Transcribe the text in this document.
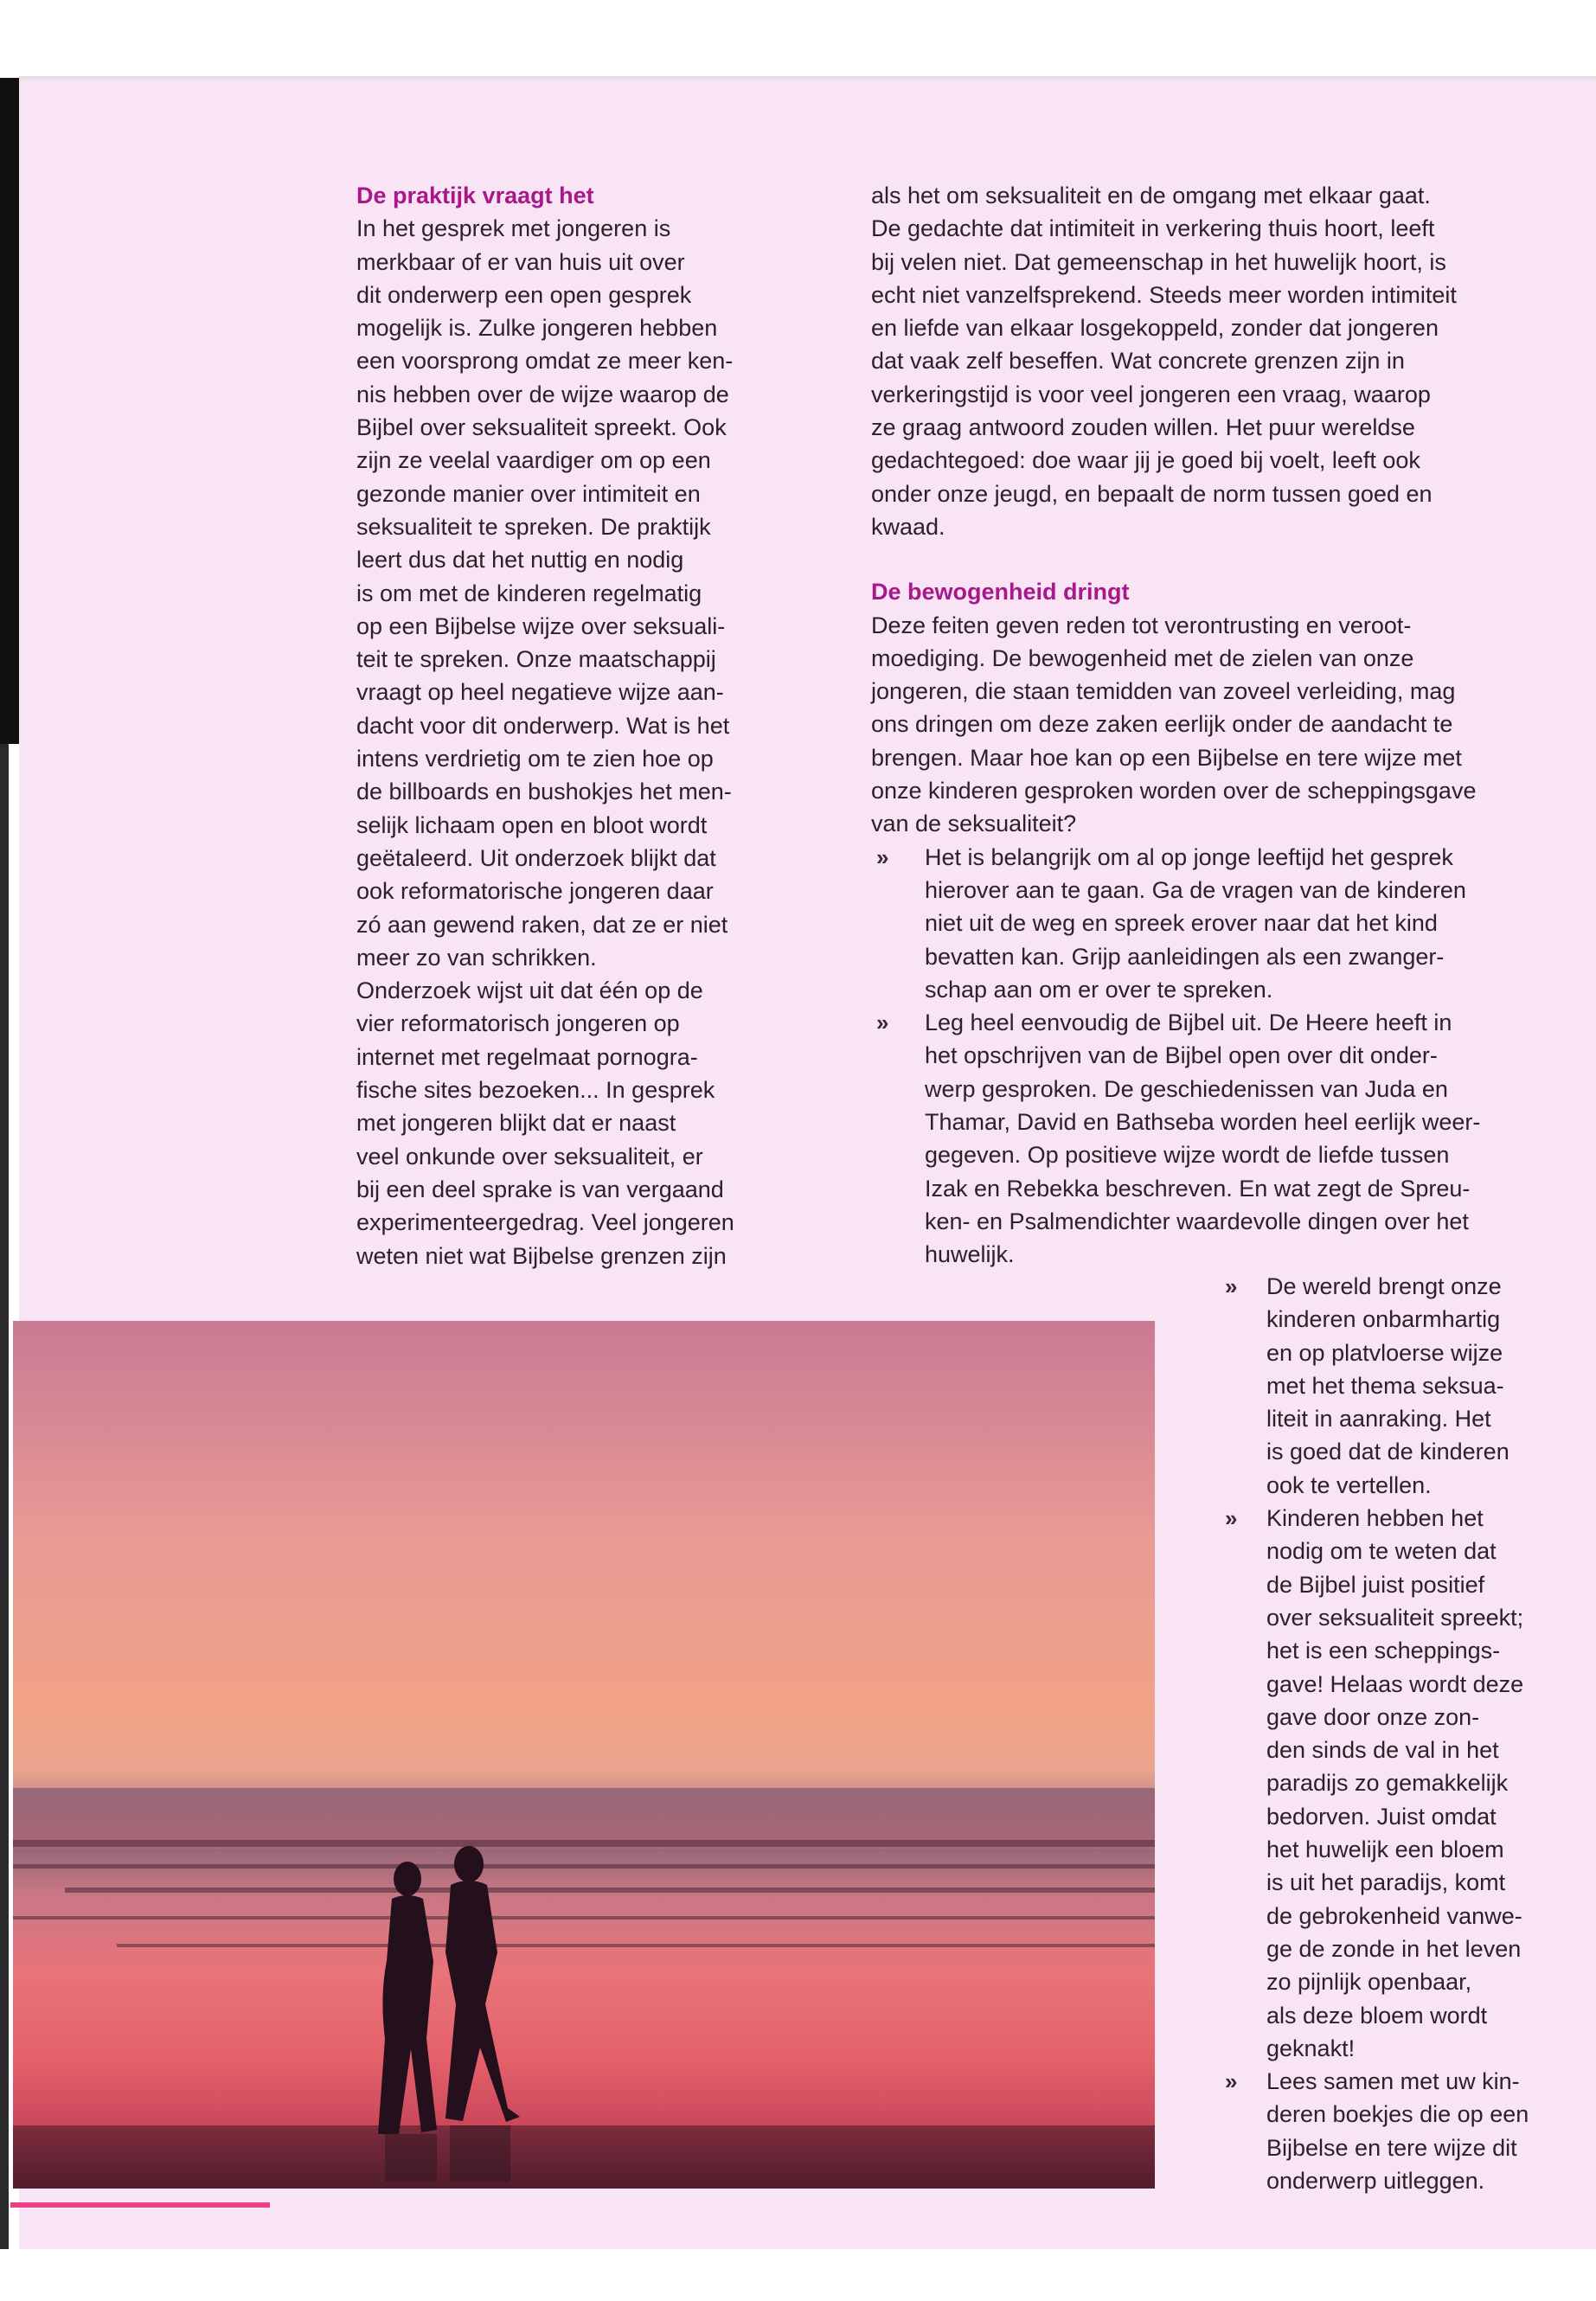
De praktijk vraagt het

In het gesprek met jongeren is
merkbaar of er van huis uit over
dit onderwerp een open gesprek
mogelijk is. Zulke jongeren hebben
een voorsprong omdat ze meer ken-
nis hebben over de wijze waarop de
Bijbel over seksualiteit spreekt. Ook
zijn ze veelal vaardiger om op een
gezonde manier over intimiteit en
seksualiteit te spreken. De praktijk
leert dus dat het nuttig en nodig
is om met de kinderen regelmatig
op een Bijbelse wijze over seksuali-
teit te spreken. Onze maatschappij
vraagt op heel negatieve wijze aan-
dacht voor dit onderwerp. Wat is het
intens verdrietig om te zien hoe op
de billboards en bushokjes het men-
selijk lichaam open en bloot wordt
geëtaleerd. Uit onderzoek blijkt dat
ook reformatorische jongeren daar
zó aan gewend raken, dat ze er niet
meer zo van schrikken.
Onderzoek wijst uit dat één op de
vier reformatorisch jongeren op
internet met regelmaat pornogra-
fische sites bezoeken... In gesprek
met jongeren blijkt dat er naast
veel onkunde over seksualiteit, er
bij een deel sprake is van vergaand
experimenteergedrag. Veel jongeren
weten niet wat Bijbelse grenzen zijn
als het om seksualiteit en de omgang met elkaar gaat.
De gedachte dat intimiteit in verkering thuis hoort, leeft
bij velen niet. Dat gemeenschap in het huwelijk hoort, is
echt niet vanzelfsprekend. Steeds meer worden intimiteit
en liefde van elkaar losgekoppeld, zonder dat jongeren
dat vaak zelf beseffen. Wat concrete grenzen zijn in
verkeringstijd is voor veel jongeren een vraag, waarop
ze graag antwoord zouden willen. Het puur wereldse
gedachtegoed: doe waar jij je goed bij voelt, leeft ook
onder onze jeugd, en bepaalt de norm tussen goed en
kwaad.

De bewogenheid dringt

Deze feiten geven reden tot verontrusting en veroot-
moediging. De bewogenheid met de zielen van onze
jongeren, die staan temidden van zoveel verleiding, mag
ons dringen om deze zaken eerlijk onder de aandacht te
brengen. Maar hoe kan op een Bijbelse en tere wijze met
onze kinderen gesproken worden over de scheppingsgave
van de seksualiteit?
» Het is belangrijk om al op jonge leeftijd het gesprek
hierover aan te gaan. Ga de vragen van de kinderen
niet uit de weg en spreek erover naar dat het kind
bevatten kan. Grijp aanleidingen als een zwanger-
schap aan om er over te spreken.
» Leg heel eenvoudig de Bijbel uit. De Heere heeft in
het opschrijven van de Bijbel open over dit onder-
werp gesproken. De geschiedenissen van Juda en
Thamar, David en Bathseba worden heel eerlijk weer-
gegeven. Op positieve wijze wordt de liefde tussen
Izak en Rebekka beschreven. En wat zegt de Spreu-
ken- en Psalmendichter waardevolle dingen over het
huwelijk.
» De wereld brengt onze
kinderen onbarmhartig
en op platvloerse wijze
met het thema seksua-
liteit in aanraking. Het
is goed dat de kinderen
ook te vertellen.
» Kinderen hebben het
nodig om te weten dat
de Bijbel juist positief
over seksualiteit spreekt;
het is een scheppings-
gave! Helaas wordt deze
gave door onze zon-
den sinds de val in het
paradijs zo gemakkelijk
bedorven. Juist omdat
het huwelijk een bloem
is uit het paradijs, komt
de gebrokenheid vanwe-
ge de zonde in het leven
zo pijnlijk openbaar,
als deze bloem wordt
geknakt!
» Lees samen met uw kin-
deren boekjes die op een
Bijbelse en tere wijze dit
onderwerp uitleggen.
